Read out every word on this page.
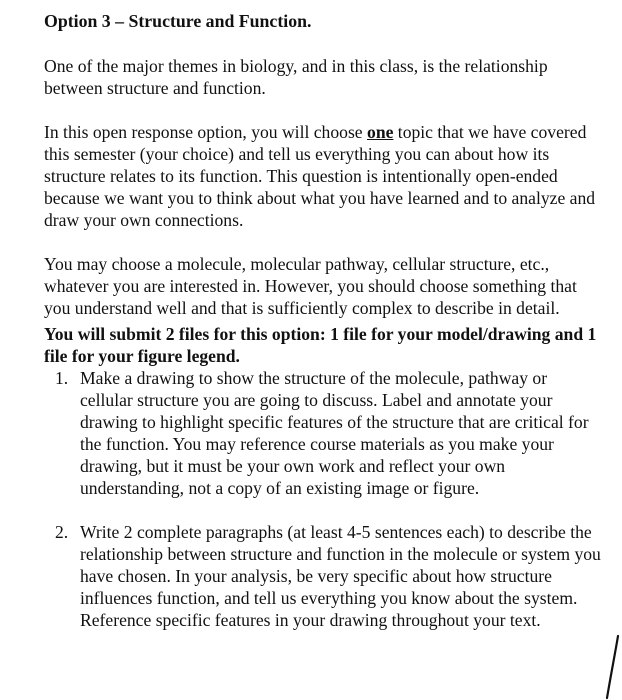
Option 3 – Structure and Function.

One of the major themes in biology, and in this class, is the relationship between structure and function.

In this open response option, you will choose one topic that we have covered this semester (your choice) and tell us everything you can about how its structure relates to its function. This question is intentionally open-ended because we want you to think about what you have learned and to analyze and draw your own connections.

You may choose a molecule, molecular pathway, cellular structure, etc., whatever you are interested in. However, you should choose something that you understand well and that is sufficiently complex to describe in detail.

You will submit 2 files for this option: 1 file for your model/drawing and 1 file for your figure legend.

1. Make a drawing to show the structure of the molecule, pathway or cellular structure you are going to discuss. Label and annotate your drawing to highlight specific features of the structure that are critical for the function. You may reference course materials as you make your drawing, but it must be your own work and reflect your own understanding, not a copy of an existing image or figure.
2. Write 2 complete paragraphs (at least 4-5 sentences each) to describe the relationship between structure and function in the molecule or system you have chosen. In your analysis, be very specific about how structure influences function, and tell us everything you know about the system. Reference specific features in your drawing throughout your text.
